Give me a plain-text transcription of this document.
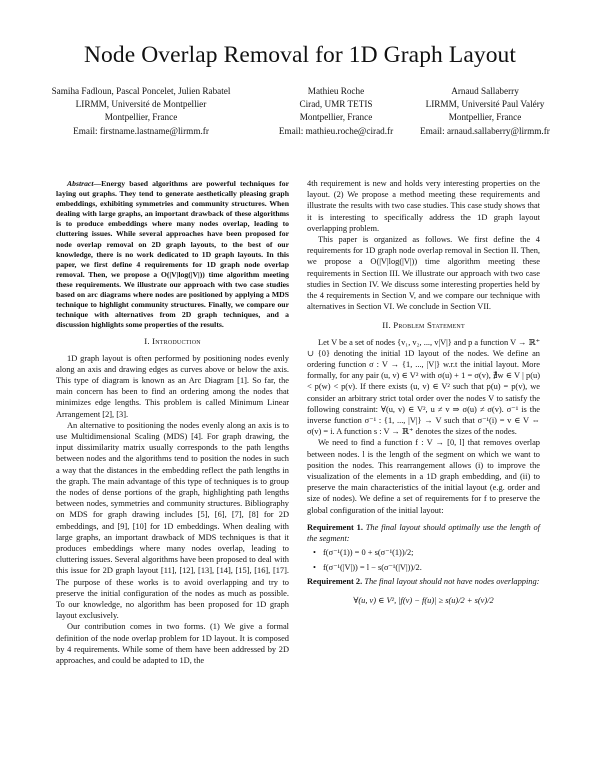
Node Overlap Removal for 1D Graph Layout
Samiha Fadloun, Pascal Poncelet, Julien Rabatel
LIRMM, Université de Montpellier
Montpellier, France
Email: firstname.lastname@lirmm.fr
Mathieu Roche
Cirad, UMR TETIS
Montpellier, France
Email: mathieu.roche@cirad.fr
Arnaud Sallaberry
LIRMM, Université Paul Valéry
Montpellier, France
Email: arnaud.sallaberry@lirmm.fr

Abstract—Energy based algorithms are powerful techniques for laying out graphs. They tend to generate aesthetically pleasing graph embeddings, exhibiting symmetries and community structures. When dealing with large graphs, an important drawback of these algorithms is to produce embeddings where many nodes overlap, leading to cluttering issues. While several approaches have been proposed for node overlap removal on 2D graph layouts, to the best of our knowledge, there is no work dedicated to 1D graph layouts. In this paper, we first define 4 requirements for 1D graph node overlap removal. Then, we propose a O(|V|log(|V|)) time algorithm meeting these requirements. We illustrate our approach with two case studies based on arc diagrams where nodes are positioned by applying a MDS technique to highlight community structures. Finally, we compare our technique with alternatives from 2D graph techniques, and a discussion highlights some properties of the results.

I. Introduction

1D graph layout is often performed by positioning nodes evenly along an axis and drawing edges as curves above or below the axis. This type of diagram is known as an Arc Diagram [1]. So far, the main concern has been to find an ordering among the nodes that minimizes edge lengths. This problem is called Minimum Linear Arrangement [2], [3].

An alternative to positioning the nodes evenly along an axis is to use Multidimensional Scaling (MDS) [4]. For graph drawing, the input dissimilarity matrix usually corresponds to the path lengths between nodes and the algorithms tend to position the nodes in such a way that the distances in the embedding reflect the path lengths in the graph. The main advantage of this type of techniques is to group the nodes of dense portions of the graph, highlighting path lengths between nodes, symmetries and community structures. Bibliography on MDS for graph drawing includes [5], [6], [7], [8] for 2D embeddings, and [9], [10] for 1D embeddings. When dealing with large graphs, an important drawback of MDS techniques is that it produces embeddings where many nodes overlap, leading to cluttering issues. Several algorithms have been proposed to deal with this issue for 2D graph layout [11], [12], [13], [14], [15], [16], [17]. The purpose of these works is to avoid overlapping and try to preserve the initial configuration of the nodes as much as possible. To our knowledge, no algorithm has been proposed for 1D graph layout exclusively.

Our contribution comes in two forms. (1) We give a formal definition of the node overlap problem for 1D layout. It is composed by 4 requirements. While some of them have been addressed by 2D approaches, and could be adapted to 1D, the

4th requirement is new and holds very interesting properties on the layout. (2) We propose a method meeting these requirements and illustrate the results with two case studies. This case study shows that it is interesting to specifically address the 1D graph layout overlapping problem.

This paper is organized as follows. We first define the 4 requirements for 1D graph node overlap removal in Section II. Then, we propose a O(|V|log(|V|)) time algorithm meeting these requirements in Section III. We illustrate our approach with two case studies in Section IV. We discuss some interesting properties held by the 4 requirements in Section V, and we compare our technique with alternatives in Section VI. We conclude in Section VII.

II. Problem Statement

Let V be a set of nodes {v₁, v₂, ..., v|V|} and p a function V → ℝ⁺ ∪ {0} denoting the initial 1D layout of the nodes. We define an ordering function σ : V → {1, ..., |V|} w.r.t the initial layout. More formally, for any pair (u, v) ∈ V² with σ(u) + 1 = σ(v), ∄w ∈ V | p(u) < p(w) < p(v). If there exists (u, v) ∈ V² such that p(u) = p(v), we consider an arbitrary strict total order over the nodes V to satisfy the following constraint: ∀(u, v) ∈ V², u ≠ v ⇒ σ(u) ≠ σ(v). σ⁻¹ is the inverse function σ⁻¹ : {1, ..., |V|} → V such that σ⁻¹(i) = v ∈ V ⇔ σ(v) = i. A function s : V → ℝ⁺ denotes the sizes of the nodes.

We need to find a function f : V → [0, l] that removes overlap between nodes. l is the length of the segment on which we want to position the nodes. This rearrangement allows (i) to improve the visualization of the elements in a 1D graph embedding, and (ii) to preserve the main characteristics of the initial layout (e.g. order and size of nodes). We define a set of requirements for f to preserve the global configuration of the initial layout:

Requirement 1. The final layout should optimally use the length of the segment:

• f(σ⁻¹(1)) = 0 + s(σ⁻¹(1))/2;
• f(σ⁻¹(|V|)) = l − s(σ⁻¹(|V|))/2.

Requirement 2. The final layout should not have nodes overlapping:

∀(u, v) ∈ V², |f(v) − f(u)| ≥ s(u)/2 + s(v)/2
